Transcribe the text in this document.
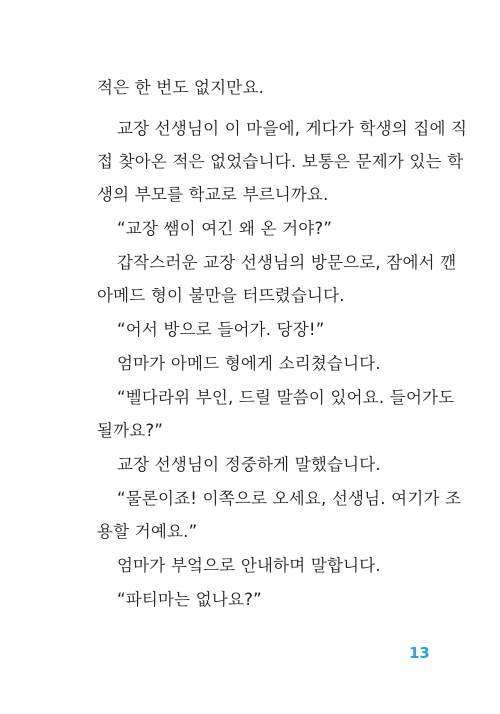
적은 한 번도 없지만요.
교장 선생님이 이 마을에, 게다가 학생의 집에 직
접 찾아온 적은 없었습니다. 보통은 문제가 있는 학
생의 부모를 학교로 부르니까요.
“교장 쌤이 여긴 왜 온 거야?”
갑작스러운 교장 선생님의 방문으로, 잠에서 깬
아메드 형이 불만을 터뜨렸습니다.
“어서 방으로 들어가. 당장!”
엄마가 아메드 형에게 소리쳤습니다.
“벨다라위 부인, 드릴 말씀이 있어요. 들어가도
될까요?”
교장 선생님이 정중하게 말했습니다.
“물론이죠! 이쪽으로 오세요, 선생님. 여기가 조
용할 거예요.”
엄마가 부엌으로 안내하며 말합니다.
“파티마는 없나요?”
13
